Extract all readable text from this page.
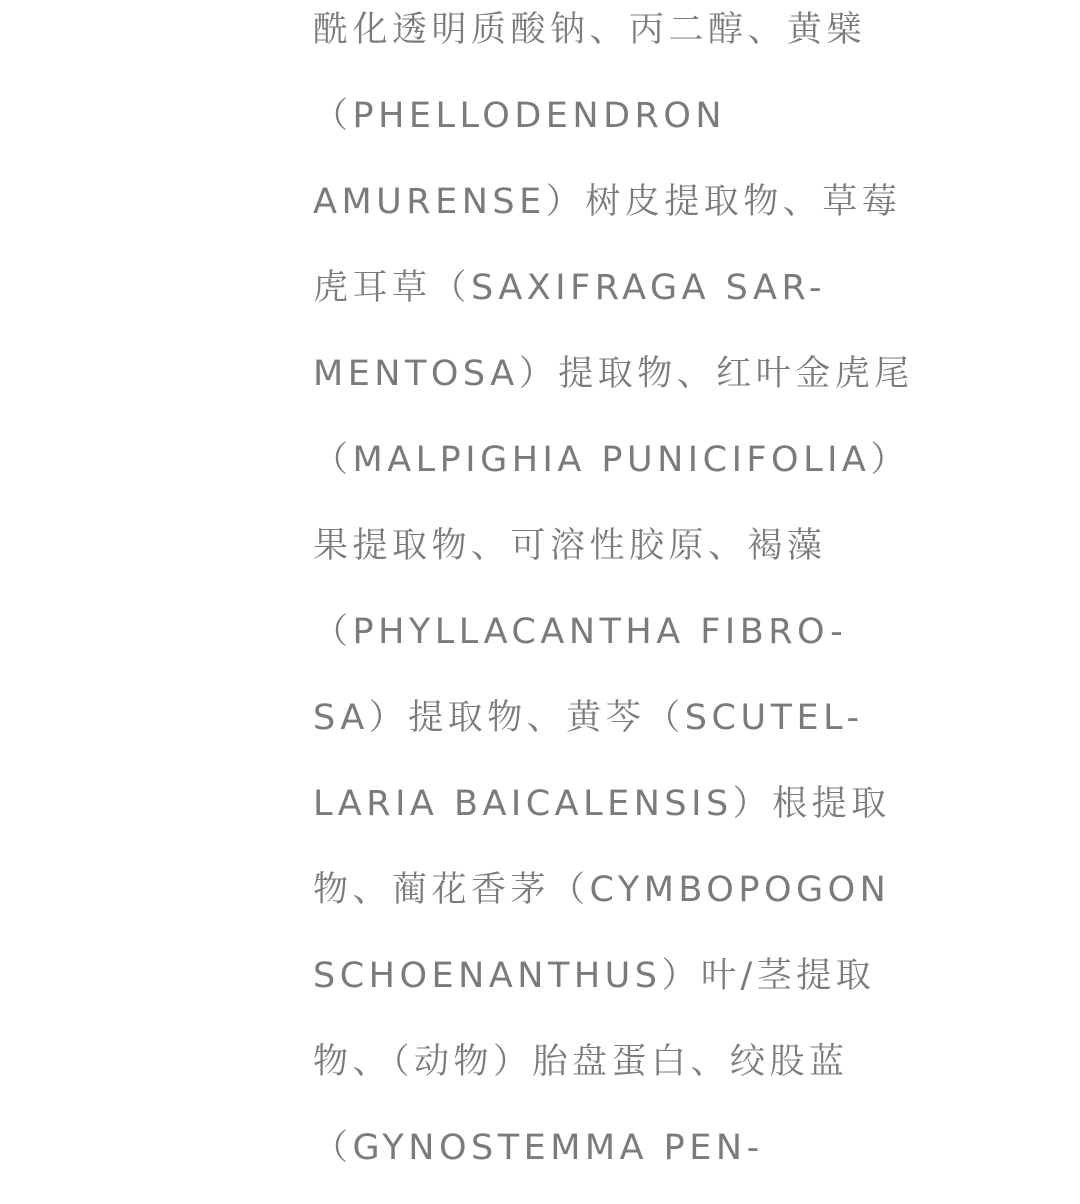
酰化透明质酸钠、丙二醇、黄檗
（PHELLODENDRON
AMURENSE）树皮提取物、草莓
虎耳草（SAXIFRAGA SAR-
MENTOSA）提取物、红叶金虎尾
（MALPIGHIA PUNICIFOLIA）
果提取物、可溶性胶原、褐藻
（PHYLLACANTHA FIBRO-
SA）提取物、黄芩（SCUTEL-
LARIA BAICALENSIS）根提取
物、蔺花香茅（CYMBOPOGON
SCHOENANTHUS）叶/茎提取
物、（动物）胎盘蛋白、绞股蓝
（GYNOSTEMMA PEN-
